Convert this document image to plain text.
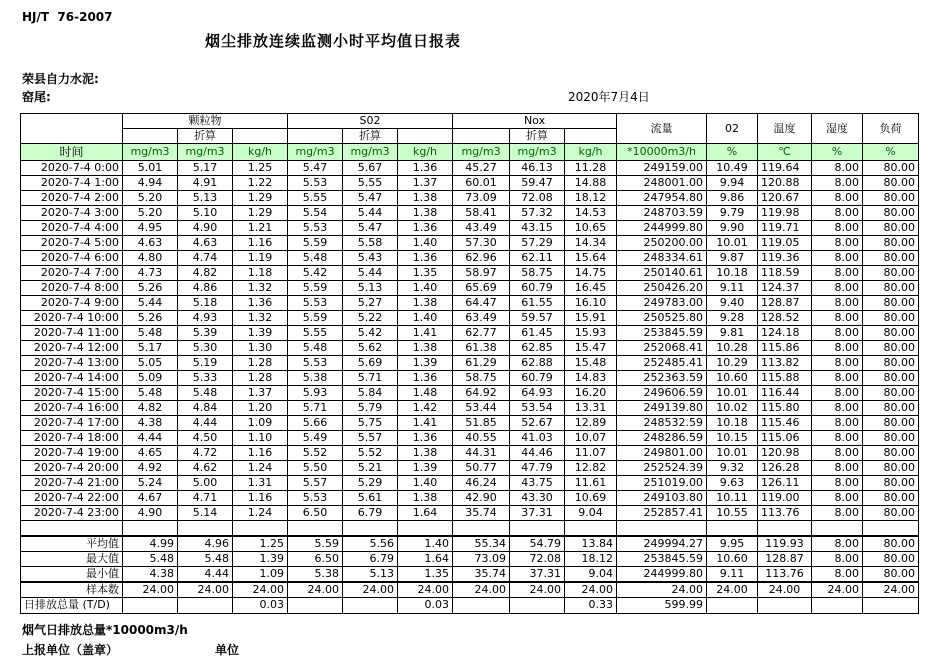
HJ/T  76-2007
烟尘排放连续监测小时平均值日报表
荣县自力水泥:
窑尾:	2020年7月4日
	颗粒物			S02			Nox			流量	02	温度	湿度	负荷
		折算			折算			折算						
时间	mg/m3	mg/m3	kg/h	mg/m3	mg/m3	kg/h	mg/m3	mg/m3	kg/h	*10000m3/h	%	℃	%	%
2020-7-4 0:00	5.01	5.17	1.25	5.47	5.67	1.36	45.27	46.13	11.28	249159.00	10.49	119.64	8.00	80.00
2020-7-4 1:00	4.94	4.91	1.22	5.53	5.55	1.37	60.01	59.47	14.88	248001.00	9.94	120.88	8.00	80.00
2020-7-4 2:00	5.20	5.13	1.29	5.55	5.47	1.38	73.09	72.08	18.12	247954.80	9.86	120.67	8.00	80.00
2020-7-4 3:00	5.20	5.10	1.29	5.54	5.44	1.38	58.41	57.32	14.53	248703.59	9.79	119.98	8.00	80.00
2020-7-4 4:00	4.95	4.90	1.21	5.53	5.47	1.36	43.49	43.15	10.65	244999.80	9.90	119.71	8.00	80.00
2020-7-4 5:00	4.63	4.63	1.16	5.59	5.58	1.40	57.30	57.29	14.34	250200.00	10.01	119.05	8.00	80.00
2020-7-4 6:00	4.80	4.74	1.19	5.48	5.43	1.36	62.96	62.11	15.64	248334.61	9.87	119.36	8.00	80.00
2020-7-4 7:00	4.73	4.82	1.18	5.42	5.44	1.35	58.97	58.75	14.75	250140.61	10.18	118.59	8.00	80.00
2020-7-4 8:00	5.26	4.86	1.32	5.59	5.13	1.40	65.69	60.79	16.45	250426.20	9.11	124.37	8.00	80.00
2020-7-4 9:00	5.44	5.18	1.36	5.53	5.27	1.38	64.47	61.55	16.10	249783.00	9.40	128.87	8.00	80.00
2020-7-4 10:00	5.26	4.93	1.32	5.59	5.22	1.40	63.49	59.57	15.91	250525.80	9.28	128.52	8.00	80.00
2020-7-4 11:00	5.48	5.39	1.39	5.55	5.42	1.41	62.77	61.45	15.93	253845.59	9.81	124.18	8.00	80.00
2020-7-4 12:00	5.17	5.30	1.30	5.48	5.62	1.38	61.38	62.85	15.47	252068.41	10.28	115.86	8.00	80.00
2020-7-4 13:00	5.05	5.19	1.28	5.53	5.69	1.39	61.29	62.88	15.48	252485.41	10.29	113.82	8.00	80.00
2020-7-4 14:00	5.09	5.33	1.28	5.38	5.71	1.36	58.75	60.79	14.83	252363.59	10.60	115.88	8.00	80.00
2020-7-4 15:00	5.48	5.48	1.37	5.93	5.84	1.48	64.92	64.93	16.20	249606.59	10.01	116.44	8.00	80.00
2020-7-4 16:00	4.82	4.84	1.20	5.71	5.79	1.42	53.44	53.54	13.31	249139.80	10.02	115.80	8.00	80.00
2020-7-4 17:00	4.38	4.44	1.09	5.66	5.75	1.41	51.85	52.67	12.89	248532.59	10.18	115.46	8.00	80.00
2020-7-4 18:00	4.44	4.50	1.10	5.49	5.57	1.36	40.55	41.03	10.07	248286.59	10.15	115.06	8.00	80.00
2020-7-4 19:00	4.65	4.72	1.16	5.52	5.52	1.38	44.31	44.46	11.07	249801.00	10.01	120.98	8.00	80.00
2020-7-4 20:00	4.92	4.62	1.24	5.50	5.21	1.39	50.77	47.79	12.82	252524.39	9.32	126.28	8.00	80.00
2020-7-4 21:00	5.24	5.00	1.31	5.57	5.29	1.40	46.24	43.75	11.61	251019.00	9.63	126.11	8.00	80.00
2020-7-4 22:00	4.67	4.71	1.16	5.53	5.61	1.38	42.90	43.30	10.69	249103.80	10.11	119.00	8.00	80.00
2020-7-4 23:00	4.90	5.14	1.24	6.50	6.79	1.64	35.74	37.31	9.04	252857.41	10.55	113.76	8.00	80.00

平均值	4.99	4.96	1.25	5.59	5.56	1.40	55.34	54.79	13.84	249994.27	9.95	119.93	8.00	80.00
最大值	5.48	5.48	1.39	6.50	6.79	1.64	73.09	72.08	18.12	253845.59	10.60	128.87	8.00	80.00
最小值	4.38	4.44	1.09	5.38	5.13	1.35	35.74	37.31	9.04	244999.80	9.11	113.76	8.00	80.00
样本数	24.00	24.00	24.00	24.00	24.00	24.00	24.00	24.00	24.00	24.00	24.00	24.00	24.00	24.00
日排放总量 (T/D)			0.03			0.03			0.33	599.99				
烟气日排放总量*10000m3/h
上报单位（盖章）	单位
